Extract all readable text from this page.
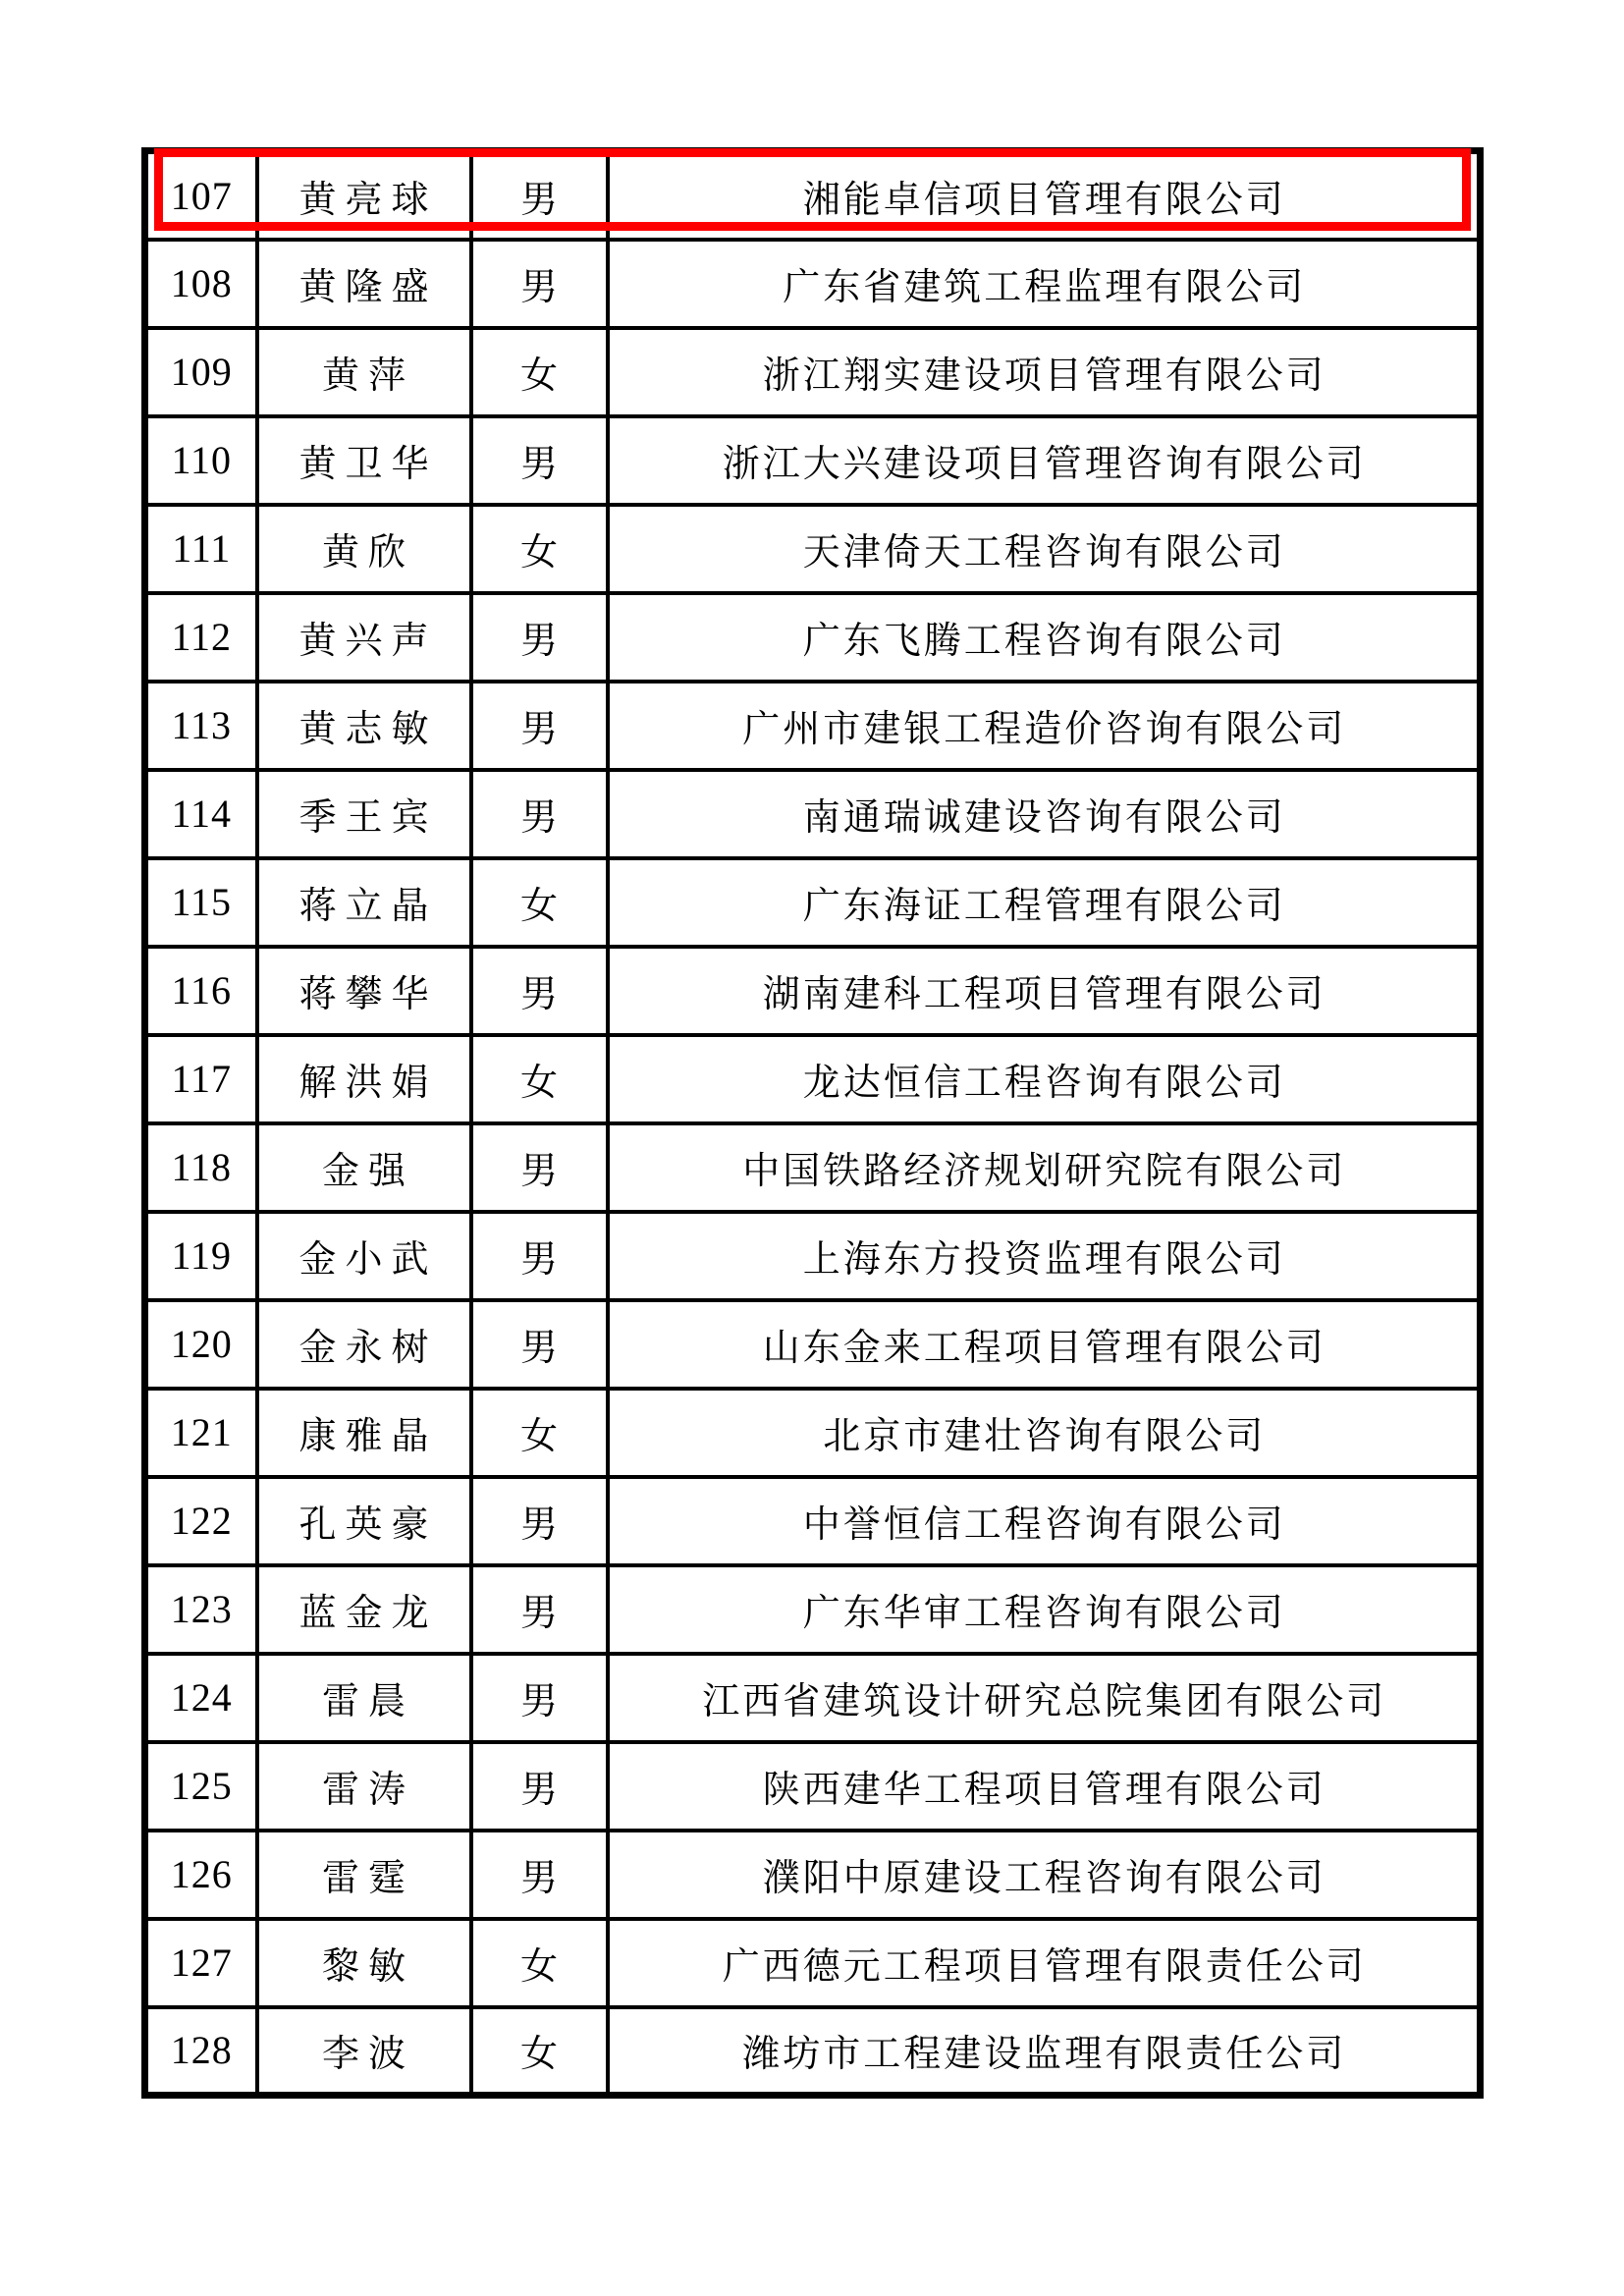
107	黄亮球	男	湘能卓信项目管理有限公司
108	黄隆盛	男	广东省建筑工程监理有限公司
109	黄萍	女	浙江翔实建设项目管理有限公司
110	黄卫华	男	浙江大兴建设项目管理咨询有限公司
111	黄欣	女	天津倚天工程咨询有限公司
112	黄兴声	男	广东飞腾工程咨询有限公司
113	黄志敏	男	广州市建银工程造价咨询有限公司
114	季王宾	男	南通瑞诚建设咨询有限公司
115	蒋立晶	女	广东海证工程管理有限公司
116	蒋攀华	男	湖南建科工程项目管理有限公司
117	解洪娟	女	龙达恒信工程咨询有限公司
118	金强	男	中国铁路经济规划研究院有限公司
119	金小武	男	上海东方投资监理有限公司
120	金永树	男	山东金来工程项目管理有限公司
121	康雅晶	女	北京市建壮咨询有限公司
122	孔英豪	男	中誉恒信工程咨询有限公司
123	蓝金龙	男	广东华审工程咨询有限公司
124	雷晨	男	江西省建筑设计研究总院集团有限公司
125	雷涛	男	陕西建华工程项目管理有限公司
126	雷霆	男	濮阳中原建设工程咨询有限公司
127	黎敏	女	广西德元工程项目管理有限责任公司
128	李波	女	潍坊市工程建设监理有限责任公司
